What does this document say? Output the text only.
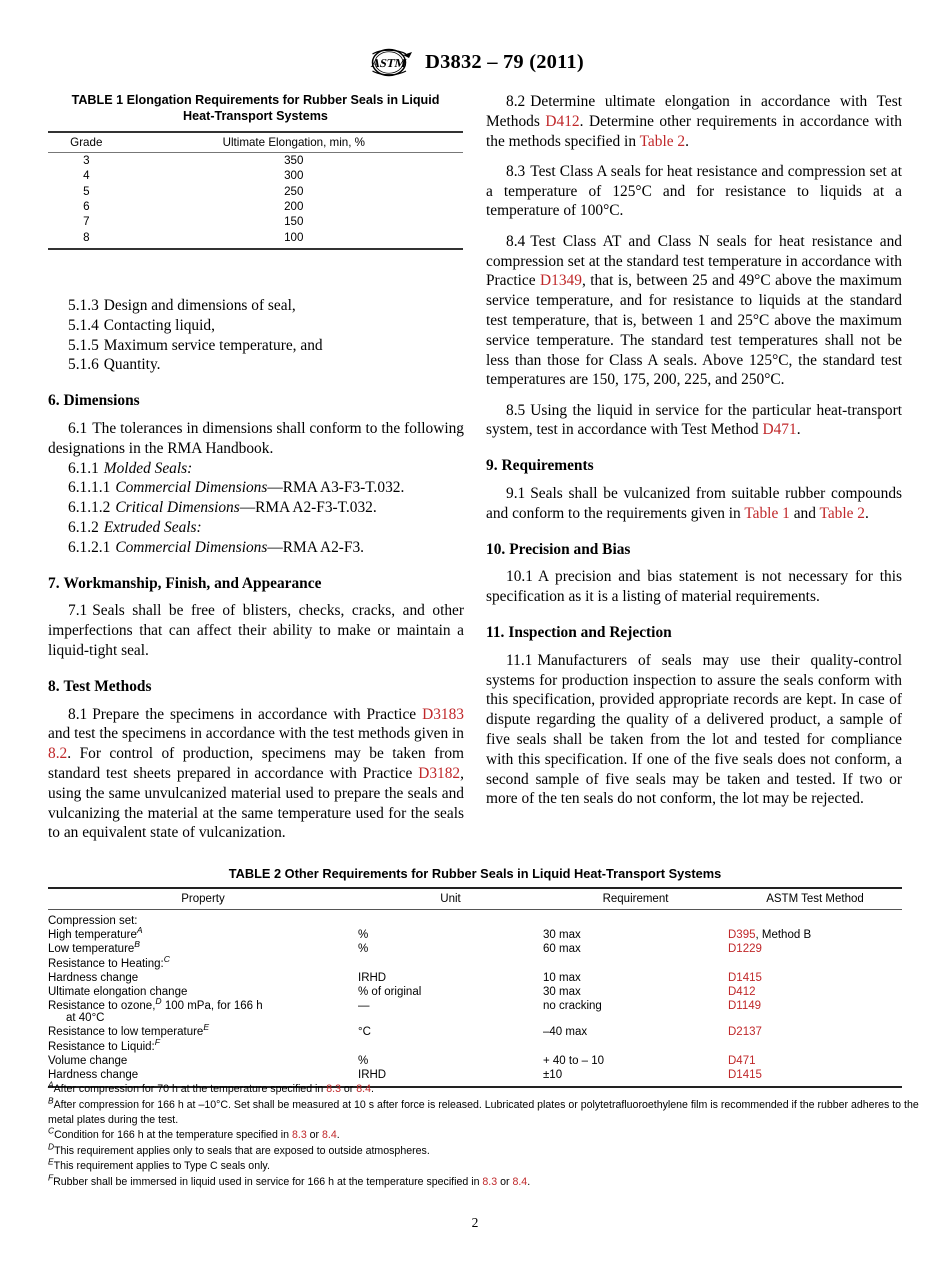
ASTM D3832 – 79 (2011)
TABLE 1 Elongation Requirements for Rubber Seals in Liquid Heat-Transport Systems
Grade	Ultimate Elongation, min, %
3	350
4	300
5	250
6	200
7	150
8	100

5.1.3 Design and dimensions of seal,

5.1.4 Contacting liquid,

5.1.5 Maximum service temperature, and

5.1.6 Quantity.

6. Dimensions

6.1 The tolerances in dimensions shall conform to the following designations in the RMA Handbook.

6.1.1 Molded Seals:

6.1.1.1 Commercial Dimensions—RMA A3-F3-T.032.

6.1.1.2 Critical Dimensions—RMA A2-F3-T.032.

6.1.2 Extruded Seals:

6.1.2.1 Commercial Dimensions—RMA A2-F3.

7. Workmanship, Finish, and Appearance

7.1 Seals shall be free of blisters, checks, cracks, and other imperfections that can affect their ability to make or maintain a liquid-tight seal.

8. Test Methods

8.1 Prepare the specimens in accordance with Practice D3183 and test the specimens in accordance with the test methods given in 8.2. For control of production, specimens may be taken from standard test sheets prepared in accordance with Practice D3182, using the same unvulcanized material used to prepare the seals and vulcanizing the material at the same temperature used for the seals to an equivalent state of vulcanization.

8.2 Determine ultimate elongation in accordance with Test Methods D412. Determine other requirements in accordance with the methods specified in Table 2.

8.3 Test Class A seals for heat resistance and compression set at a temperature of 125°C and for resistance to liquids at a temperature of 100°C.

8.4 Test Class AT and Class N seals for heat resistance and compression set at the standard test temperature in accordance with Practice D1349, that is, between 25 and 49°C above the maximum service temperature, and for resistance to liquids at the standard test temperature, that is, between 1 and 25°C above the maximum service temperature. The standard test temperatures shall not be less than those for Class A seals. Above 125°C, the standard test temperatures are 150, 175, 200, 225, and 250°C.

8.5 Using the liquid in service for the particular heat-transport system, test in accordance with Test Method D471.

9. Requirements

9.1 Seals shall be vulcanized from suitable rubber compounds and conform to the requirements given in Table 1 and Table 2.

10. Precision and Bias

10.1 A precision and bias statement is not necessary for this specification as it is a listing of material requirements.

11. Inspection and Rejection

11.1 Manufacturers of seals may use their quality-control systems for production inspection to assure the seals conform with this specification, provided appropriate records are kept. In case of dispute regarding the quality of a delivered product, a sample of five seals shall be taken from the lot and tested for compliance with this specification. If one of the five seals does not conform, a second sample of five seals may be taken and tested. If two or more of the ten seals do not conform, the lot may be rejected.

TABLE 2 Other Requirements for Rubber Seals in Liquid Heat-Transport Systems
Property	Unit	Requirement	ASTM Test Method
Compression set:			
High temperature$^A$	%	30 max	D395, Method B
Low temperature$^B$	%	60 max	D1229
Resistance to Heating:$^C$			
Hardness change	IRHD	10 max	D1415
Ultimate elongation change	% of original	30 max	D412
Resistance to ozone,$^D$ 100 mPa, for 166 h
at 40°C	—	no cracking	D1149
Resistance to low temperature$^E$	°C	–40 max	D2137
Resistance to Liquid:$^F$			
Volume change	%	+ 40 to – 10	D471
Hardness change	IRHD	±10	D1415

$^A$After compression for 70 h at the temperature specified in 8.3 or 8.4.

$^B$After compression for 166 h at –10°C. Set shall be measured at 10 s after force is released. Lubricated plates or polytetrafluoroethylene film is recommended if the rubber adheres to the metal plates during the test.

$^C$Condition for 166 h at the temperature specified in 8.3 or 8.4.

$^D$This requirement applies only to seals that are exposed to outside atmospheres.

$^E$This requirement applies to Type C seals only.

$^F$Rubber shall be immersed in liquid used in service for 166 h at the temperature specified in 8.3 or 8.4.

2
